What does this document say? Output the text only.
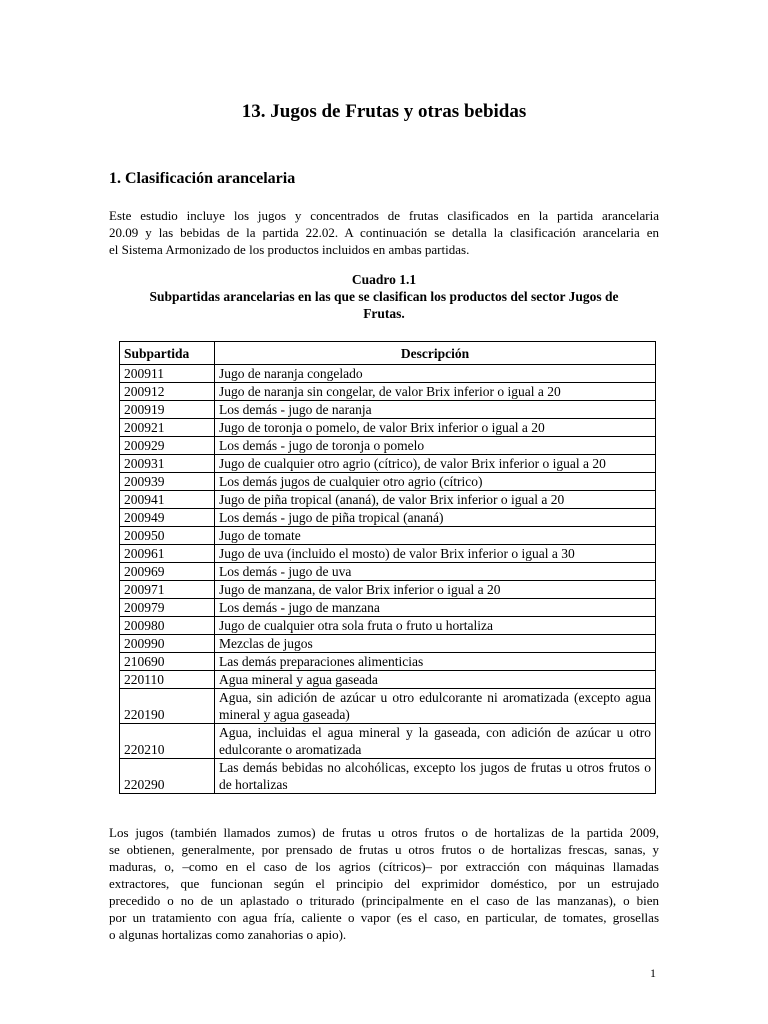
13. Jugos de Frutas y otras bebidas
1. Clasificación arancelaria

Este estudio incluye los jugos y concentrados de frutas clasificados en la partida arancelaria
20.09 y las bebidas de la partida 22.02. A continuación se detalla la clasificación arancelaria en
el Sistema Armonizado de los productos incluidos en ambas partidas.

Cuadro 1.1
Subpartidas arancelarias en las que se clasifican los productos del sector Jugos de
Frutas.
Subpartida	Descripción
200911	Jugo de naranja congelado
200912	Jugo de naranja sin congelar, de valor Brix inferior o igual a 20
200919	Los demás - jugo de naranja
200921	Jugo de toronja o pomelo, de valor Brix inferior o igual a 20
200929	Los demás - jugo de toronja o pomelo
200931	Jugo de cualquier otro agrio (cítrico), de valor Brix inferior o igual a 20
200939	Los demás jugos de cualquier otro agrio (cítrico)
200941	Jugo de piña tropical (ananá), de valor Brix inferior o igual a 20
200949	Los demás - jugo de piña tropical (ananá)
200950	Jugo de tomate
200961	Jugo de uva (incluido el mosto) de valor Brix inferior o igual a 30
200969	Los demás - jugo de uva
200971	Jugo de manzana, de valor Brix inferior o igual a 20
200979	Los demás - jugo de manzana
200980	Jugo de cualquier otra sola fruta o fruto u hortaliza
200990	Mezclas de jugos
210690	Las demás preparaciones alimenticias
220110	Agua mineral y agua gaseada
220190	Agua, sin adición de azúcar u otro edulcorante ni aromatizada (excepto agua mineral y agua gaseada)
220210	Agua, incluidas el agua mineral y la gaseada, con adición de azúcar u otro edulcorante o aromatizada
220290	Las demás bebidas no alcohólicas, excepto los jugos de frutas u otros frutos o de hortalizas

Los jugos (también llamados zumos) de frutas u otros frutos o de hortalizas de la partida 2009,
se obtienen, generalmente, por prensado de frutas u otros frutos o de hortalizas frescas, sanas, y
maduras, o, –como en el caso de los agrios (cítricos)– por extracción con máquinas llamadas
extractores, que funcionan según el principio del exprimidor doméstico, por un estrujado
precedido o no de un aplastado o triturado (principalmente en el caso de las manzanas), o bien
por un tratamiento con agua fría, caliente o vapor (es el caso, en particular, de tomates, grosellas
o algunas hortalizas como zanahorias o apio).

1
